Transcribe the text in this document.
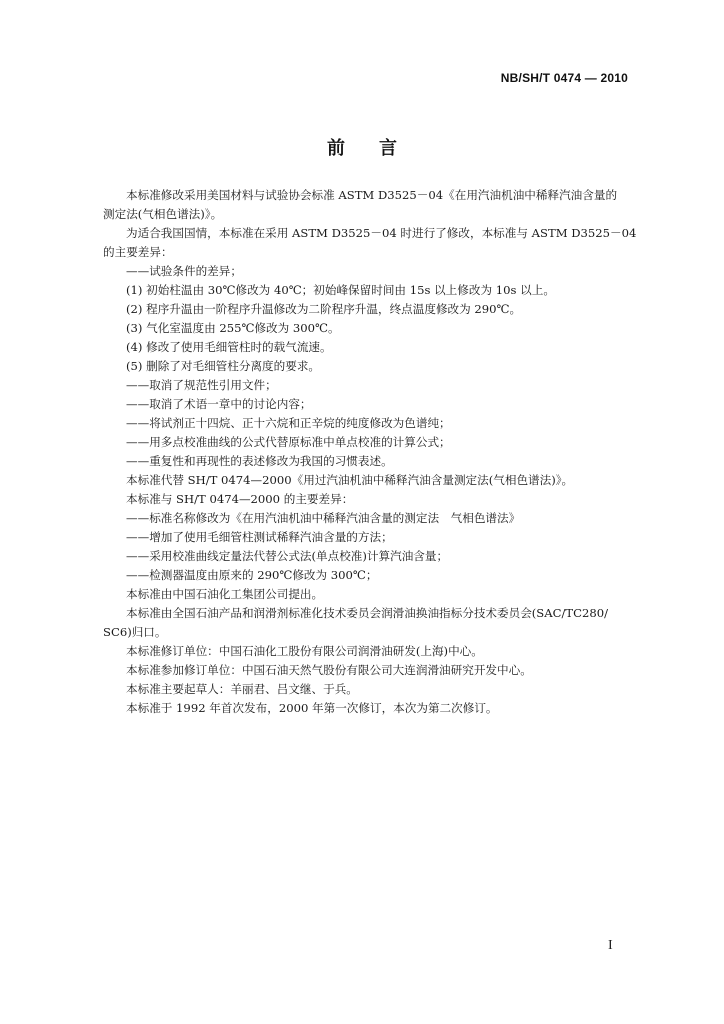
NB/SH/T 0474 — 2010
前言
本标准修改采用美国材料与试验协会标准 ASTM D3525－04《在用汽油机油中稀释汽油含量的
测定法(气相色谱法)》。
为适合我国国情，本标准在采用 ASTM D3525－04 时进行了修改，本标准与 ASTM D3525－04
的主要差异：
——试验条件的差异；
(1) 初始柱温由 30℃修改为 40℃；初始峰保留时间由 15s 以上修改为 10s 以上。
(2) 程序升温由一阶程序升温修改为二阶程序升温，终点温度修改为 290℃。
(3) 气化室温度由 255℃修改为 300℃。
(4) 修改了使用毛细管柱时的载气流速。
(5) 删除了对毛细管柱分离度的要求。
——取消了规范性引用文件；
——取消了术语一章中的讨论内容；
——将试剂正十四烷、正十六烷和正辛烷的纯度修改为色谱纯；
——用多点校准曲线的公式代替原标准中单点校准的计算公式；
——重复性和再现性的表述修改为我国的习惯表述。
本标准代替 SH/T 0474—2000《用过汽油机油中稀释汽油含量测定法(气相色谱法)》。
本标准与 SH/T 0474—2000 的主要差异：
——标准名称修改为《在用汽油机油中稀释汽油含量的测定法　气相色谱法》
——增加了使用毛细管柱测试稀释汽油含量的方法；
——采用校准曲线定量法代替公式法(单点校准)计算汽油含量；
——检测器温度由原来的 290℃修改为 300℃；
本标准由中国石油化工集团公司提出。
本标准由全国石油产品和润滑剂标准化技术委员会润滑油换油指标分技术委员会(SAC/TC280/
SC6)归口。
本标准修订单位：中国石油化工股份有限公司润滑油研发(上海)中心。
本标准参加修订单位：中国石油天然气股份有限公司大连润滑油研究开发中心。
本标准主要起草人：羊丽君、吕文继、于兵。
本标准于 1992 年首次发布，2000 年第一次修订，本次为第二次修订。
I
